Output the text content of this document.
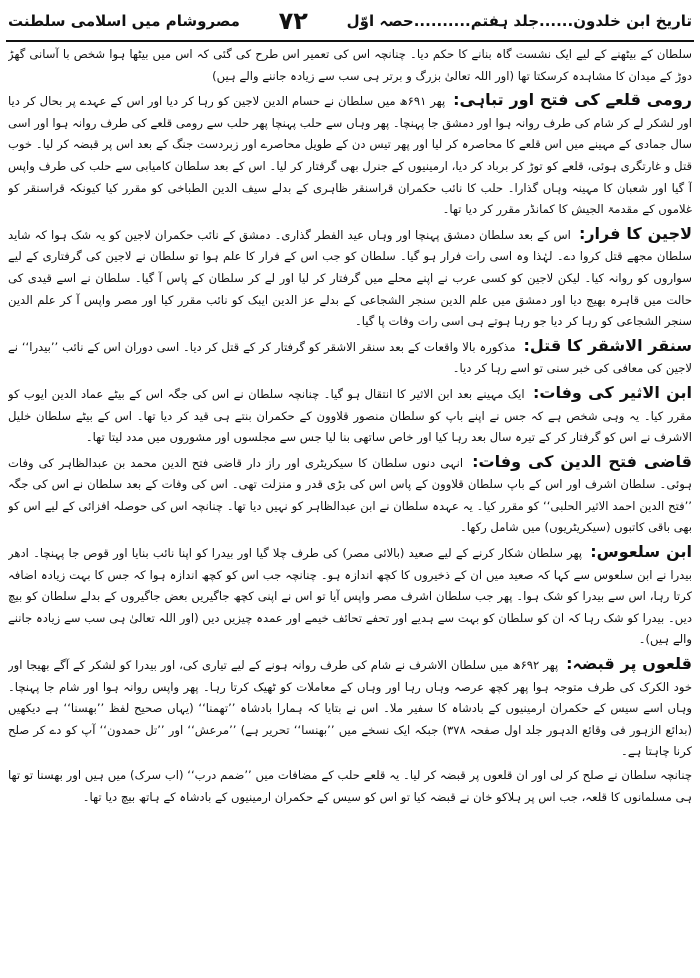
تاریخ ابن خلدون......جلد ہفتم..........حصہ اوّل
۷۲
مصروشام میں اسلامی سلطنت

سلطان کے بیٹھنے کے لیے ایک نشست گاہ بنانے کا حکم دیا۔ چنانچہ اس کی تعمیر اس طرح کی گئی کہ اس میں بیٹھا ہوا شخص با آسانی گھڑ دوڑ کے میدان کا مشاہدہ کرسکتا تھا (اور اللہ تعالیٰ بزرگ و برتر ہی سب سے زیادہ جاننے والے ہیں)

رومی قلعے کی فتح اور تباہی: پھر ۶۹۱ھ میں سلطان نے حسام الدین لاجین کو رہا کر دیا اور اس کے عہدے پر بحال کر دیا اور لشکر لے کر شام کی طرف روانہ ہوا اور دمشق جا پہنچا۔ پھر وہاں سے حلب پہنچا پھر حلب سے رومی قلعے کی طرف روانہ ہوا اور اسی سال جمادی کے مہینے میں اس قلعے کا محاصرہ کر لیا اور پھر تیس دن کے طویل محاصرے اور زبردست جنگ کے بعد اس پر قبضہ کر لیا۔ خوب قتل و غارتگری ہوئی، قلعے کو توڑ کر برباد کر دیا، ارمینیوں کے جنرل بھی گرفتار کر لیا۔ اس کے بعد سلطان کامیابی سے حلب کی طرف واپس آ گیا اور شعبان کا مہینہ وہاں گذارا۔ حلب کا نائب حکمران قراسنقر ظاہری کے بدلے سیف الدین الطباخی کو مقرر کیا کیونکہ قراسنقر کو غلاموں کے مقدمۃ الجیش کا کمانڈر مقرر کر دیا تھا۔

لاجین کا فرار: اس کے بعد سلطان دمشق پہنچا اور وہاں عید الفطر گذاری۔ دمشق کے نائب حکمران لاجین کو یہ شک ہوا کہ شاید سلطان مجھے قتل کروا دے۔ لہٰذا وہ اسی رات فرار ہو گیا۔ سلطان کو جب اس کے فرار کا علم ہوا تو سلطان نے لاجین کی گرفتاری کے لیے سواروں کو روانہ کیا۔ لیکن لاجین کو کسی عرب نے اپنے محلے میں گرفتار کر لیا اور لے کر سلطان کے پاس آ گیا۔ سلطان نے اسے قیدی کی حالت میں قاہرہ بھیج دیا اور دمشق میں علم الدین سنجر الشجاعی کے بدلے عز الدین ایبک کو نائب مقرر کیا اور مصر واپس آ کر علم الدین سنجر الشجاعی کو رہا کر دیا جو رہا ہوتے ہی اسی رات وفات پا گیا۔

سنقر الاشقر کا قتل: مذکورہ بالا واقعات کے بعد سنقر الاشقر کو گرفتار کر کے قتل کر دیا۔ اسی دوران اس کے نائب ’’بیدرا‘‘ نے لاجین کی معافی کی خبر سنی تو اسے رہا کر دیا۔

ابن الاثیر کی وفات: ایک مہینے بعد ابن الاثیر کا انتقال ہو گیا۔ چنانچہ سلطان نے اس کی جگہ اس کے بیٹے عماد الدین ایوب کو مقرر کیا۔ یہ وہی شخص ہے کہ جس نے اپنے باپ کو سلطان منصور قلاوون کے حکمران بنتے ہی قید کر دیا تھا۔ اس کے بیٹے سلطان خلیل الاشرف نے اس کو گرفتار کر کے تیرہ سال بعد رہا کیا اور خاص ساتھی بنا لیا جس سے مجلسوں اور مشوروں میں مدد لیتا تھا۔

قاضی فتح الدین کی وفات: انہی دنوں سلطان کا سیکریٹری اور راز دار قاضی فتح الدین محمد بن عبدالظاہر کی وفات ہوئی۔ سلطان اشرف اور اس کے باپ سلطان قلاوون کے پاس اس کی بڑی قدر و منزلت تھی۔ اس کی وفات کے بعد سلطان نے اس کی جگہ ’’فتح الدین احمد الاثیر الحلبی‘‘ کو مقرر کیا۔ یہ عہدہ سلطان نے ابن عبدالظاہر کو نہیں دیا تھا۔ چنانچہ اس کی حوصلہ افزائی کے لیے اس کو بھی باقی کاتبوں (سیکریٹریوں) میں شامل رکھا۔

ابن سلعوس: پھر سلطان شکار کرنے کے لیے صعید (بالائی مصر) کی طرف چلا گیا اور بیدرا کو اپنا نائب بنایا اور قوص جا پہنچا۔ ادھر بیدرا نے ابن سلعوس سے کہا کہ صعید میں ان کے ذخیروں کا کچھ اندازہ ہو۔ چنانچہ جب اس کو کچھ اندازہ ہوا کہ جس کا بہت زیادہ اضافہ کرتا رہا، اس سے بیدرا کو شک ہوا۔ پھر جب سلطان اشرف مصر واپس آیا تو اس نے اپنی کچھ جاگیریں بعض جاگیروں کے بدلے سلطان کو بیچ دیں۔ بیدرا کو شک رہا کہ ان کو سلطان کو بہت سے ہدیے اور تحفے تحائف خیمے اور عمدہ چیزیں دیں (اور اللہ تعالیٰ ہی سب سے زیادہ جاننے والے ہیں)۔

قلعوں پر قبضہ: پھر ۶۹۲ھ میں سلطان الاشرف نے شام کی طرف روانہ ہونے کے لیے تیاری کی، اور بیدرا کو لشکر کے آگے بھیجا اور خود الکرک کی طرف متوجہ ہوا پھر کچھ عرصہ وہاں رہا اور وہاں کے معاملات کو ٹھیک کرتا رہا۔ پھر واپس روانہ ہوا اور شام جا پہنچا۔ وہاں اسے سیس کے حکمران ارمینیوں کے بادشاہ کا سفیر ملا۔ اس نے بتایا کہ ہمارا بادشاہ ’’تھمنا‘‘ (یہاں صحیح لفظ ’’بھسنا‘‘ ہے دیکھیں (بدائع الزہور فی وقائع الدہور جلد اول صفحہ ۳۷۸) جبکہ ایک نسخے میں ’’بھنسا‘‘ تحریر ہے) ’’مرعش‘‘ اور ’’تل حمدون‘‘ آپ کو دے کر صلح کرنا چاہتا ہے۔

چنانچہ سلطان نے صلح کر لی اور ان قلعوں پر قبضہ کر لیا۔ یہ قلعے حلب کے مضافات میں ’’ضمم درب‘‘ (اب سرک) میں ہیں اور بھسنا تو تھا ہی مسلمانوں کا قلعہ، جب اس پر ہلاکو خان نے قبضہ کیا تو اس کو سیس کے حکمران ارمینیوں کے بادشاہ کے ہاتھ بیچ دیا تھا۔
